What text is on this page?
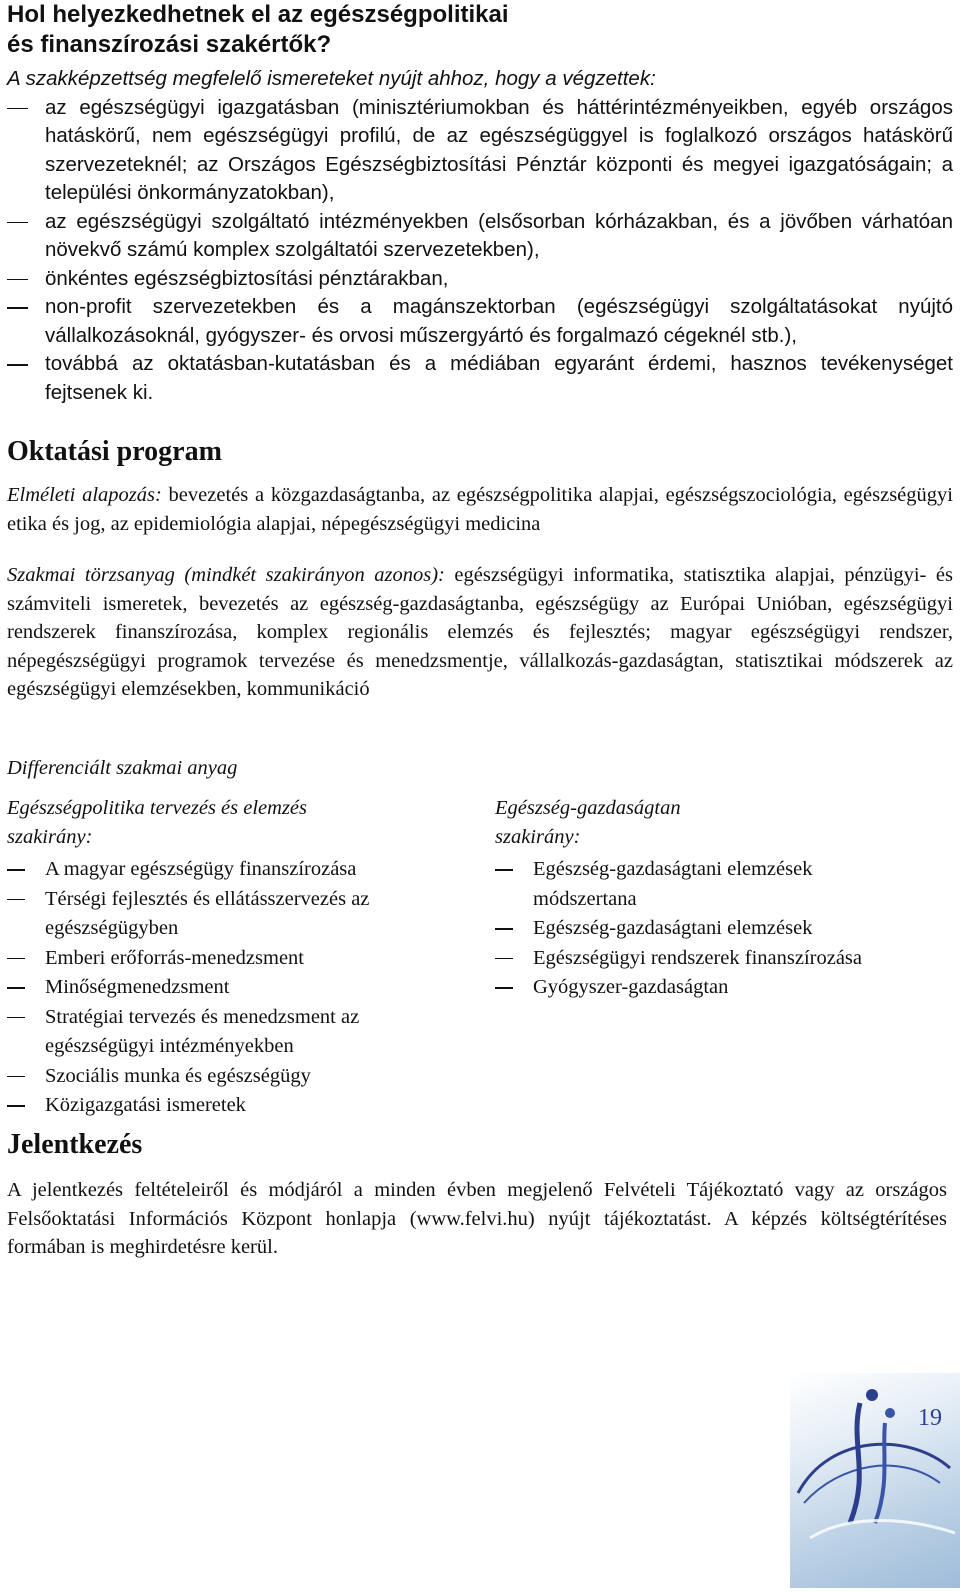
Hol helyezkedhetnek el az egészségpolitikai
és finanszírozási szakértők?
A szakképzettség megfelelő ismereteket nyújt ahhoz, hogy a végzettek:
az egészségügyi igazgatásban (minisztériumokban és háttérintézményeikben, egyéb országos hatáskörű, nem egészségügyi profilú, de az egészségüggyel is foglalkozó országos hatáskörű szervezeteknél; az Országos Egészségbiztosítási Pénztár központi és megyei igazgatóságain; a települési önkormányzatokban),
az egészségügyi szolgáltató intézményekben (elsősorban kórházakban, és a jövőben várhatóan növekvő számú komplex szolgáltatói szervezetekben),
önkéntes egészségbiztosítási pénztárakban,
non-profit szervezetekben és a magánszektorban (egészségügyi szolgáltatásokat nyújtó vállalkozásoknál, gyógyszer- és orvosi műszergyártó és forgalmazó cégeknél stb.),
továbbá az oktatásban-kutatásban és a médiában egyaránt érdemi, hasznos tevékenységet fejtsenek ki.
Oktatási program

Elméleti alapozás: bevezetés a közgazdaságtanba, az egészségpolitika alapjai, egészségszociológia, egészségügyi etika és jog, az epidemiológia alapjai, népegészségügyi medicina

Szakmai törzsanyag (mindkét szakirányon azonos): egészségügyi informatika, statisztika alapjai, pénzügyi- és számviteli ismeretek, bevezetés az egészség-gazdaságtanba, egészségügy az Európai Unióban, egészségügyi rendszerek finanszírozása, komplex regionális elemzés és fejlesztés; magyar egészségügyi rendszer, népegészségügyi programok tervezése és menedzsmentje, vállalkozás-gazdaságtan, statisztikai módszerek az egészségügyi elemzésekben, kommunikáció

Differenciált szakmai anyag
Egészségpolitika tervezés és elemzés
szakirány:
A magyar egészségügy finanszírozása
Térségi fejlesztés és ellátásszervezés az egészségügyben
Emberi erőforrás-menedzsment
Minőségmenedzsment
Stratégiai tervezés és menedzsment az egészségügyi intézményekben
Szociális munka és egészségügy
Közigazgatási ismeretek
Egészség-gazdaságtan
szakirány:
Egészség-gazdaságtani elemzések módszertana
Egészség-gazdaságtani elemzések
Egészségügyi rendszerek finanszírozása
Gyógyszer-gazdaságtan
Jelentkezés

A jelentkezés feltételeiről és módjáról a minden évben megjelenő Felvételi Tájékoztató vagy az országos Felsőoktatási Információs Központ honlapja (www.felvi.hu) nyújt tájékoztatást. A képzés költségtérítéses formában is meghirdetésre kerül.

19
